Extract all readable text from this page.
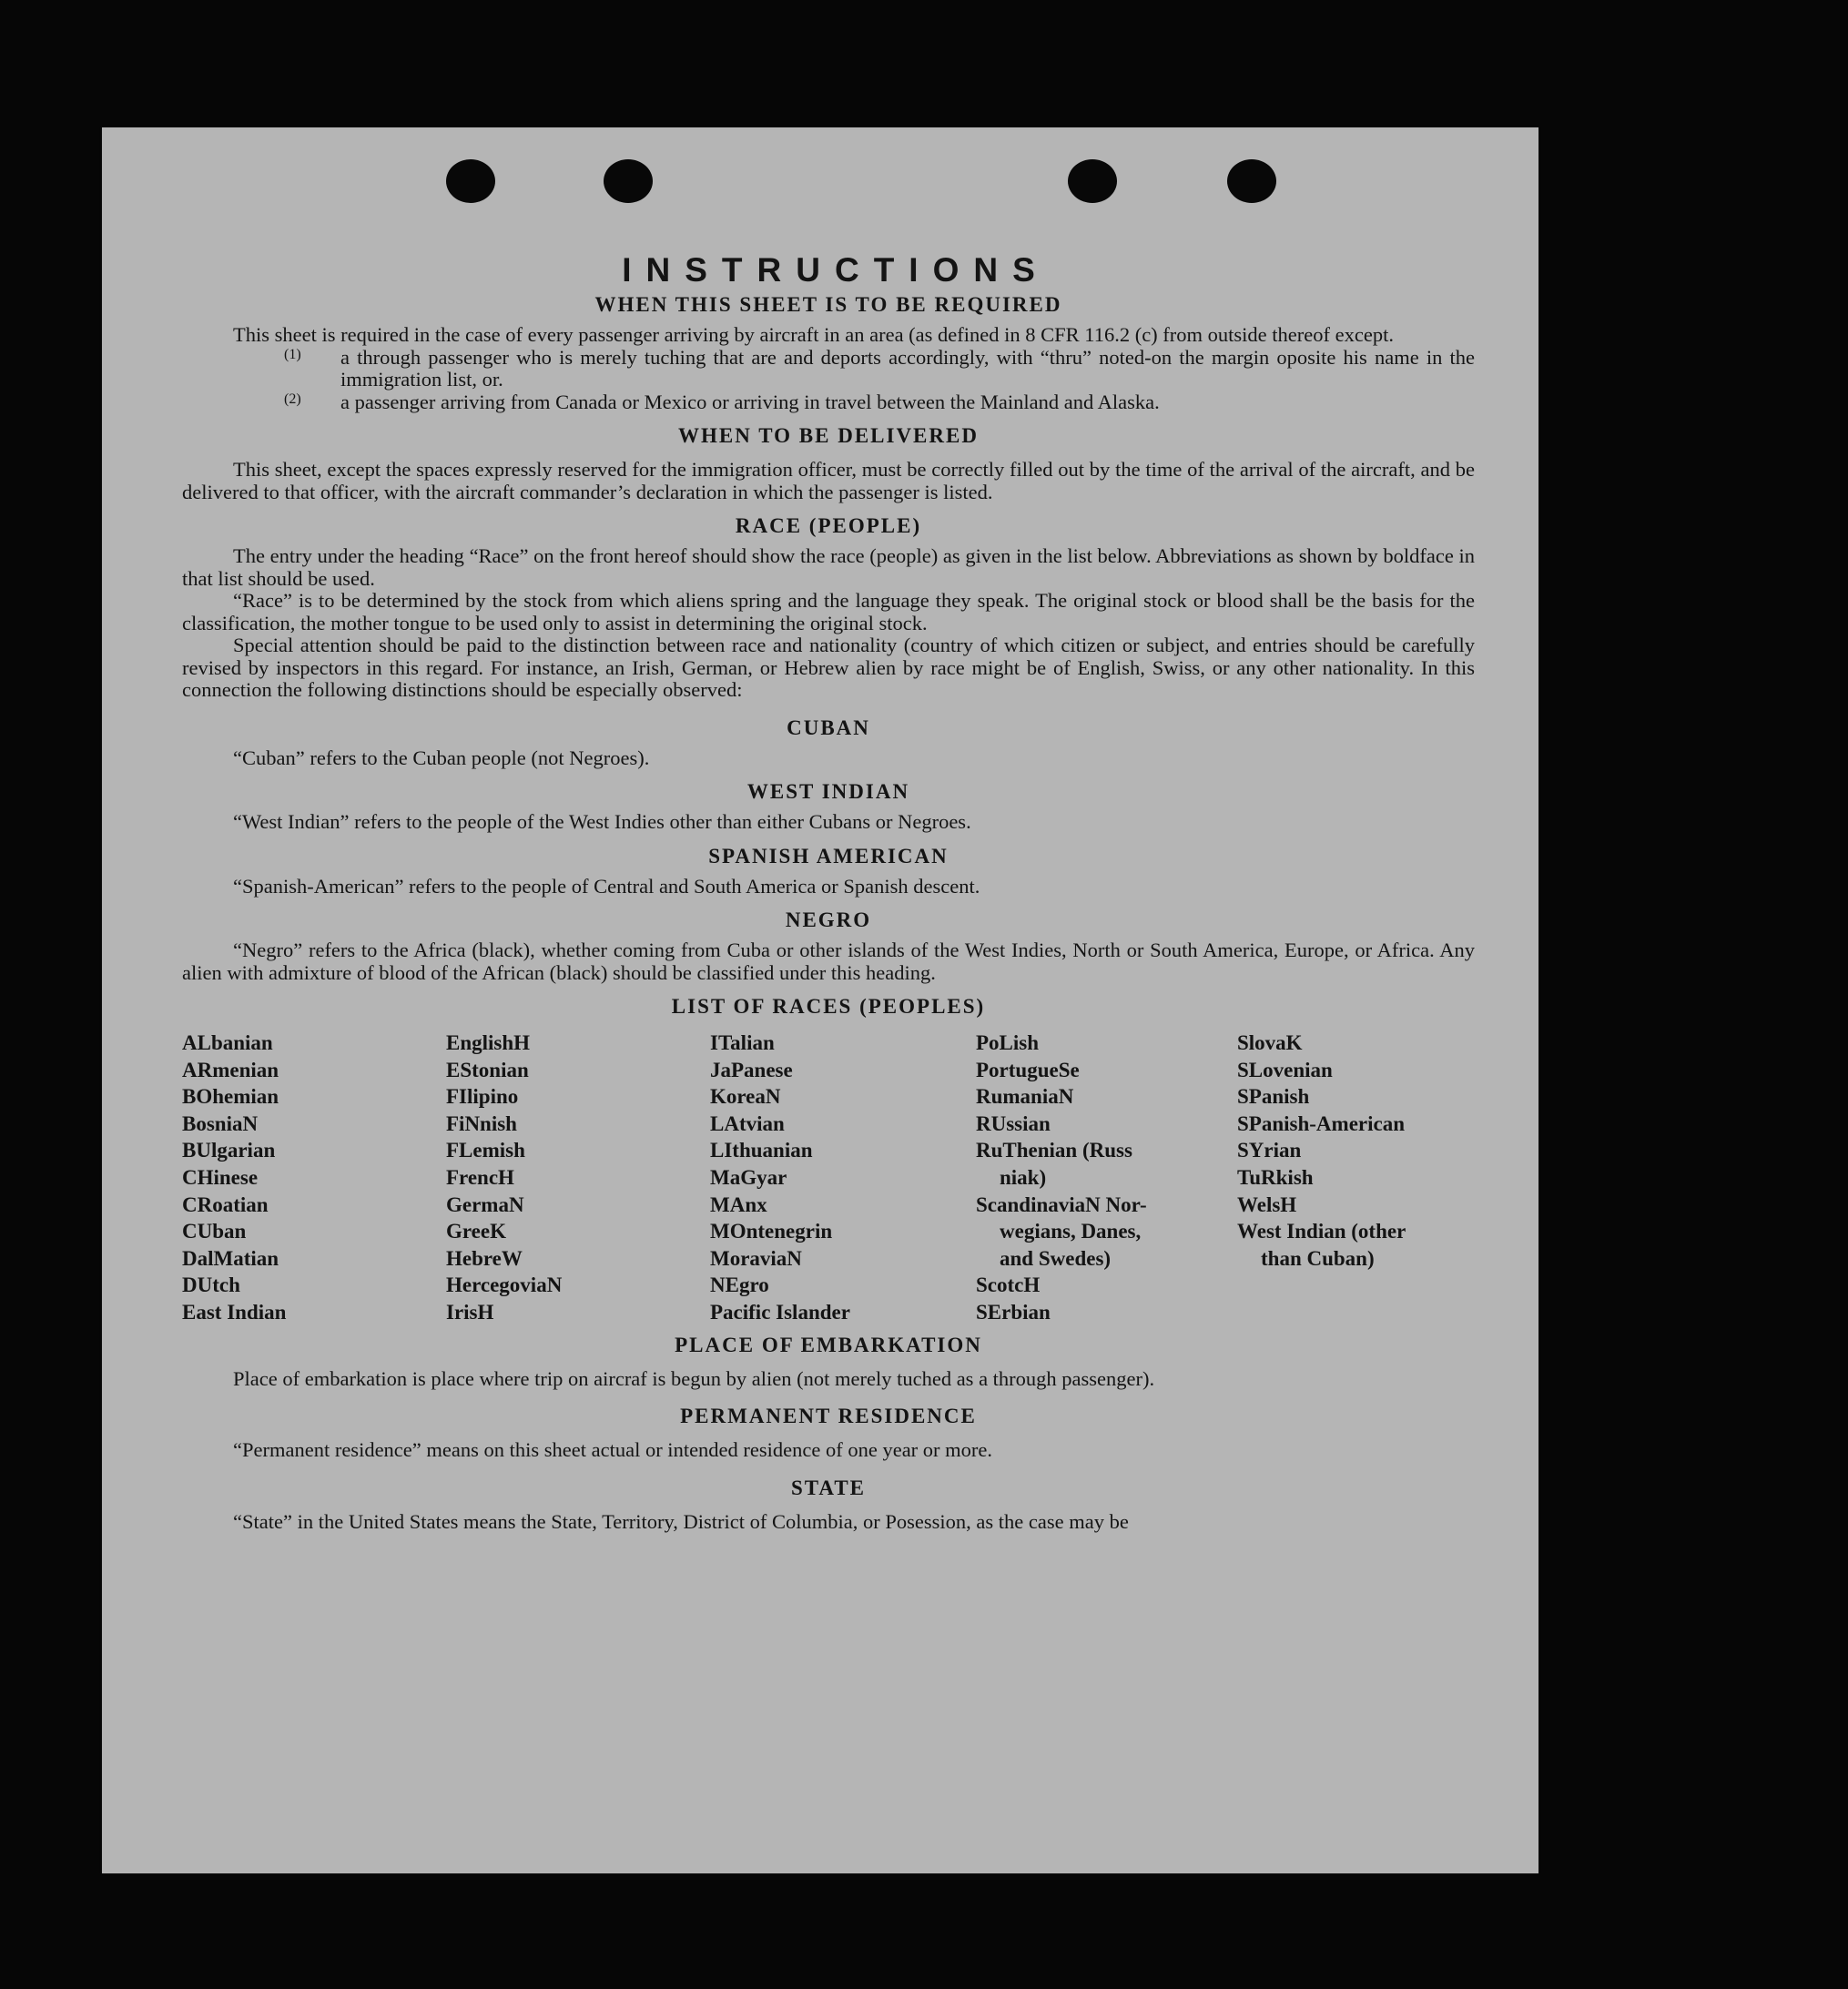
INSTRUCTIONS
WHEN THIS SHEET IS TO BE REQUIRED

This sheet is required in the case of every passenger arriving by aircraft in an area (as defined in 8 CFR 116.2 (c) from outside thereof except.

(1)	a through passenger who is merely tuching that are and deports accordingly, with “thru” noted-on the margin oposite his name in the immigration list, or.

(2)	a passenger arriving from Canada or Mexico or arriving in travel between the Mainland and Alaska.

WHEN TO BE DELIVERED

This sheet, except the spaces expressly reserved for the immigration officer, must be correctly filled out by the time of the arrival of the aircraft, and be delivered to that officer, with the aircraft commander’s declaration in which the passenger is listed.

RACE (PEOPLE)

The entry under the heading “Race” on the front hereof should show the race (people) as given in the list below. Abbreviations as shown by boldface in that list should be used.

“Race” is to be determined by the stock from which aliens spring and the language they speak. The original stock or blood shall be the basis for the classification, the mother tongue to be used only to assist in determining the original stock.

Special attention should be paid to the distinction between race and nationality (country of which citizen or subject, and entries should be carefully revised by inspectors in this regard. For instance, an Irish, German, or Hebrew alien by race might be of English, Swiss, or any other nationality. In this connection the following distinctions should be especially observed:

CUBAN

“Cuban” refers to the Cuban people (not Negroes).

WEST INDIAN

“West Indian” refers to the people of the West Indies other than either Cubans or Negroes.

SPANISH AMERICAN

“Spanish-American” refers to the people of Central and South America or Spanish descent.

NEGRO

“Negro” refers to the Africa (black), whether coming from Cuba or other islands of the West Indies, North or South America, Europe, or Africa. Any alien with admixture of blood of the African (black) should be classified under this heading.

LIST OF RACES (PEOPLES)
ALbanian
ARmenian
BOhemian
BosniaN
BUlgarian
CHinese
CRoatian
CUban
DalMatian
DUtch
East Indian
EnglishH
EStonian
FIlipino
FiNnish
FLemish
FrencH
GermaN
GreeK
HebreW
HercegoviaN
IrisH
ITalian
JaPanese
KoreaN
LAtvian
LIthuanian
MaGyar
MAnx
MOntenegrin
MoraviaN
NEgro
Pacific Islander
PoLish
PortugueSe
RumaniaN
RUssian
RuThenian (Russ
niak)
ScandinaviaN Nor-
wegians, Danes,
and Swedes)
ScotcH
SErbian
SlovaK
SLovenian
SPanish
SPanish-American
SYrian
TuRkish
WelsH
West Indian (other
than Cuban)
PLACE OF EMBARKATION

Place of embarkation is place where trip on aircraf is begun by alien (not merely tuched as a through passenger).

PERMANENT RESIDENCE

“Permanent residence” means on this sheet actual or intended residence of one year or more.

STATE

“State” in the United States means the State, Territory, District of Columbia, or Posession, as the case may be
